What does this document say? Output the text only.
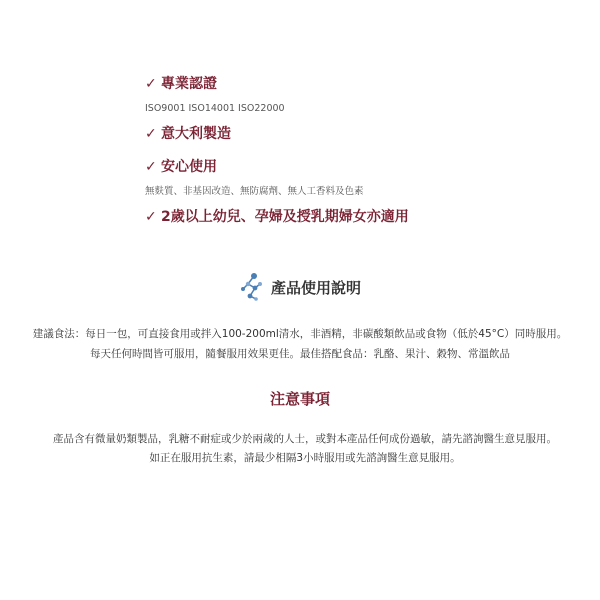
✓ 專業認證
ISO9001 ISO14001 ISO22000
✓ 意大利製造
✓ 安心使用
無麩質、非基因改造、無防腐劑、無人工香料及色素
✓ 2歲以上幼兒、孕婦及授乳期婦女亦適用
產品使用說明
建議食法：每日一包，可直接食用或拌入100-200ml清水，非酒精，非碳酸類飲品或食物（低於45°C）同時服用。每天任何時間皆可服用，隨餐服用效果更佳。最佳搭配食品：乳酪、果汁、穀物、常溫飲品
注意事項

產品含有微量奶類製品，乳糖不耐症或少於兩歲的人士，或對本產品任何成份過敏，請先諮詢醫生意見服用。

如正在服用抗生素，請最少相隔3小時服用或先諮詢醫生意見服用。
